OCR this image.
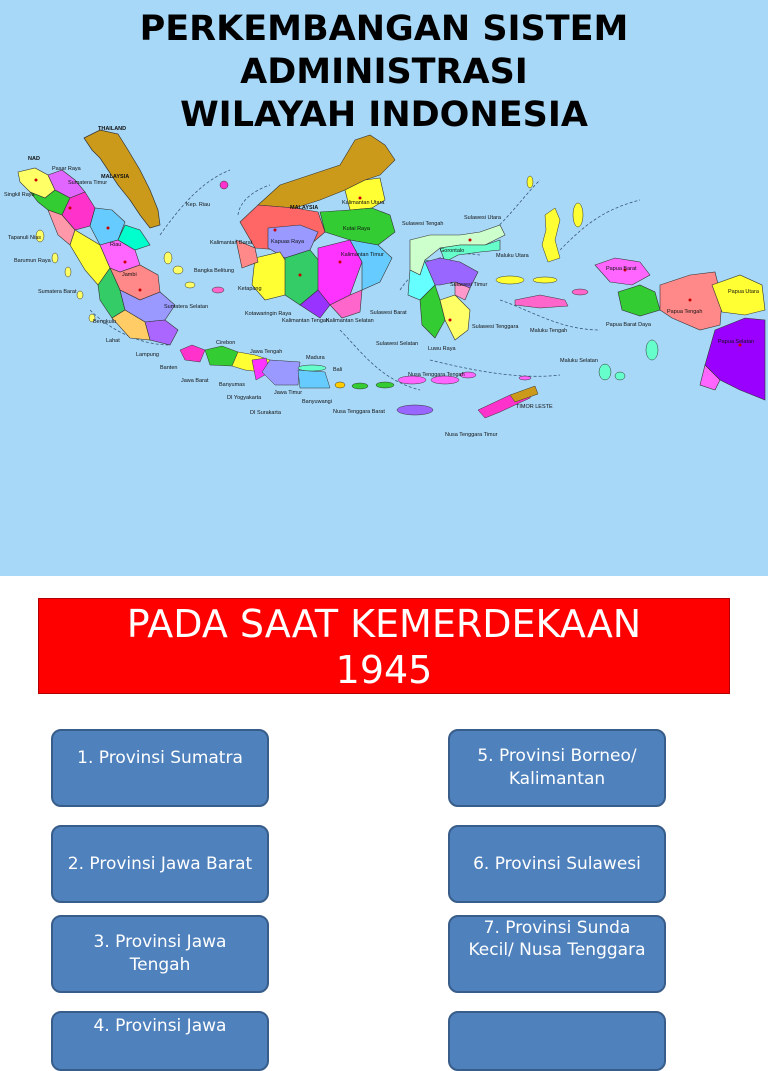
THAILAND
MALAYSIA
MALAYSIA
NAD
Pasar Raya
Sumatera Timur
Singkil Raya
Tapanuli Nias
Barumun Raya
Sumatera Barat
Riau
Kep. Riau
Jambi
Bengkulu
Lahat
Lampung
Bangka Belitung
Sumatera Selatan
Kalimantan Barat	Kapuas Raya
Kalimantan Utara
Kutai Raya
Kalimantan Timur
Ketapang
Kotawaringin Raya
Kalimantan Tengah
Kalimantan Selatan
Sulawesi Tengah
Sulawesi Utara
Gorontalo
Sulawesi Barat
Sulawesi Selatan
Sulawesi Timur
Sulawesi Tenggara
Luwu Raya
Maluku Utara
Maluku Tengah
Maluku Selatan
Papua Barat
Papua Utara
Papua Tengah
Papua Barat Daya
Papua Selatan
Banten
Cirebon
Jawa Tengah
Madura
Jawa Barat
Banyumas
Bali
DI Yogyakarta
Jawa Timur
DI Surakarta
Banyuwangi
Nusa Tenggara Barat
Nusa Tenggara Tengah
Nusa Tenggara Timur
TIMOR LESTE
PERKEMBANGAN SISTEM
ADMINISTRASI
WILAYAH INDONESIA
PADA SAAT KEMERDEKAAN
1945
1. Provinsi Sumatra
2. Provinsi Jawa Barat
3. Provinsi Jawa Tengah
4. Provinsi Jawa
5. Provinsi Borneo/ Kalimantan
6. Provinsi Sulawesi
7. Provinsi Sunda Kecil/ Nusa Tenggara
